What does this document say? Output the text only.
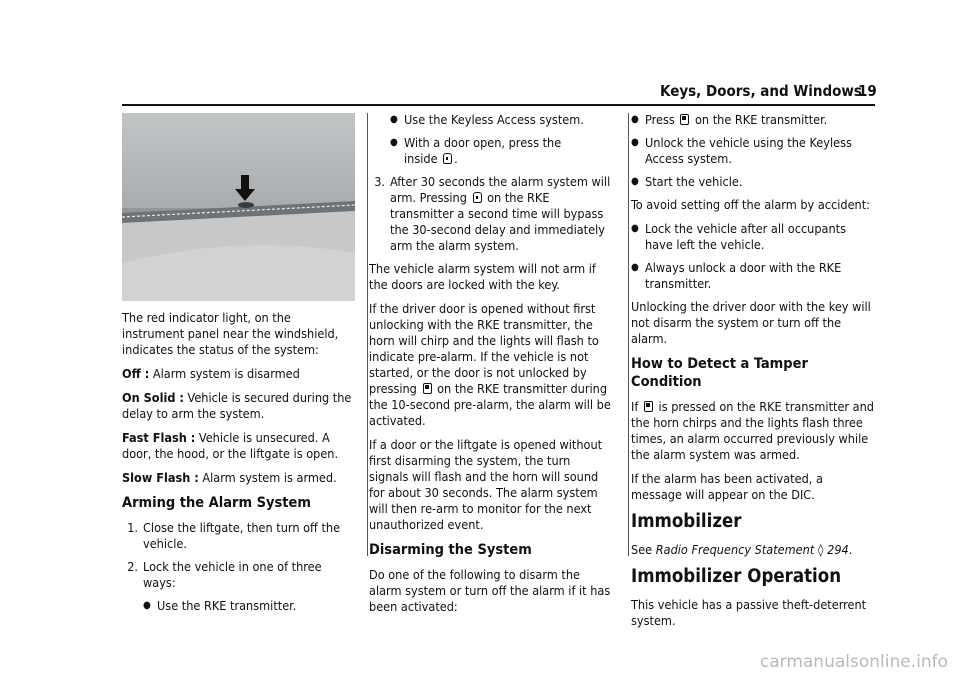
Keys, Doors, and Windows
19

The red indicator light, on the instrument panel near the windshield, indicates the status of the system:

Off : Alarm system is disarmed

On Solid : Vehicle is secured during the delay to arm the system.

Fast Flash : Vehicle is unsecured. A door, the hood, or the liftgate is open.

Slow Flash : Alarm system is armed.

Arming the Alarm System
1. Close the liftgate, then turn off the vehicle.
2. Lock the vehicle in one of three ways:
● Use the RKE transmitter.
● Use the Keyless Access system.
● With a door open, press the
inside .
3. After 30 seconds the alarm system will
arm. Pressing on the RKE transmitter a second time will bypass the 30-second delay and immediately arm the alarm system.

The vehicle alarm system will not arm if the doors are locked with the key.

If the driver door is opened without first unlocking with the RKE transmitter, the horn will chirp and the lights will flash to indicate pre-alarm. If the vehicle is not started, or the door is not unlocked by pressing on the RKE transmitter during the 10-second pre-alarm, the alarm will be activated.

If a door or the liftgate is opened without first disarming the system, the turn signals will flash and the horn will sound for about 30 seconds. The alarm system will then re-arm to monitor for the next unauthorized event.

Disarming the System

Do one of the following to disarm the alarm system or turn off the alarm if it has been activated:

● Press on the RKE transmitter.
● Unlock the vehicle using the Keyless Access system.
● Start the vehicle.

To avoid setting off the alarm by accident:

● Lock the vehicle after all occupants have left the vehicle.
● Always unlock a door with the RKE transmitter.

Unlocking the driver door with the key will not disarm the system or turn off the alarm.

How to Detect a Tamper Condition

If is pressed on the RKE transmitter and the horn chirps and the lights flash three times, an alarm occurred previously while the alarm system was armed.

If the alarm has been activated, a message will appear on the DIC.

Immobilizer

See Radio Frequency Statement ◊ 294.

Immobilizer Operation

This vehicle has a passive theft-deterrent system.

carmanualsonline.info
